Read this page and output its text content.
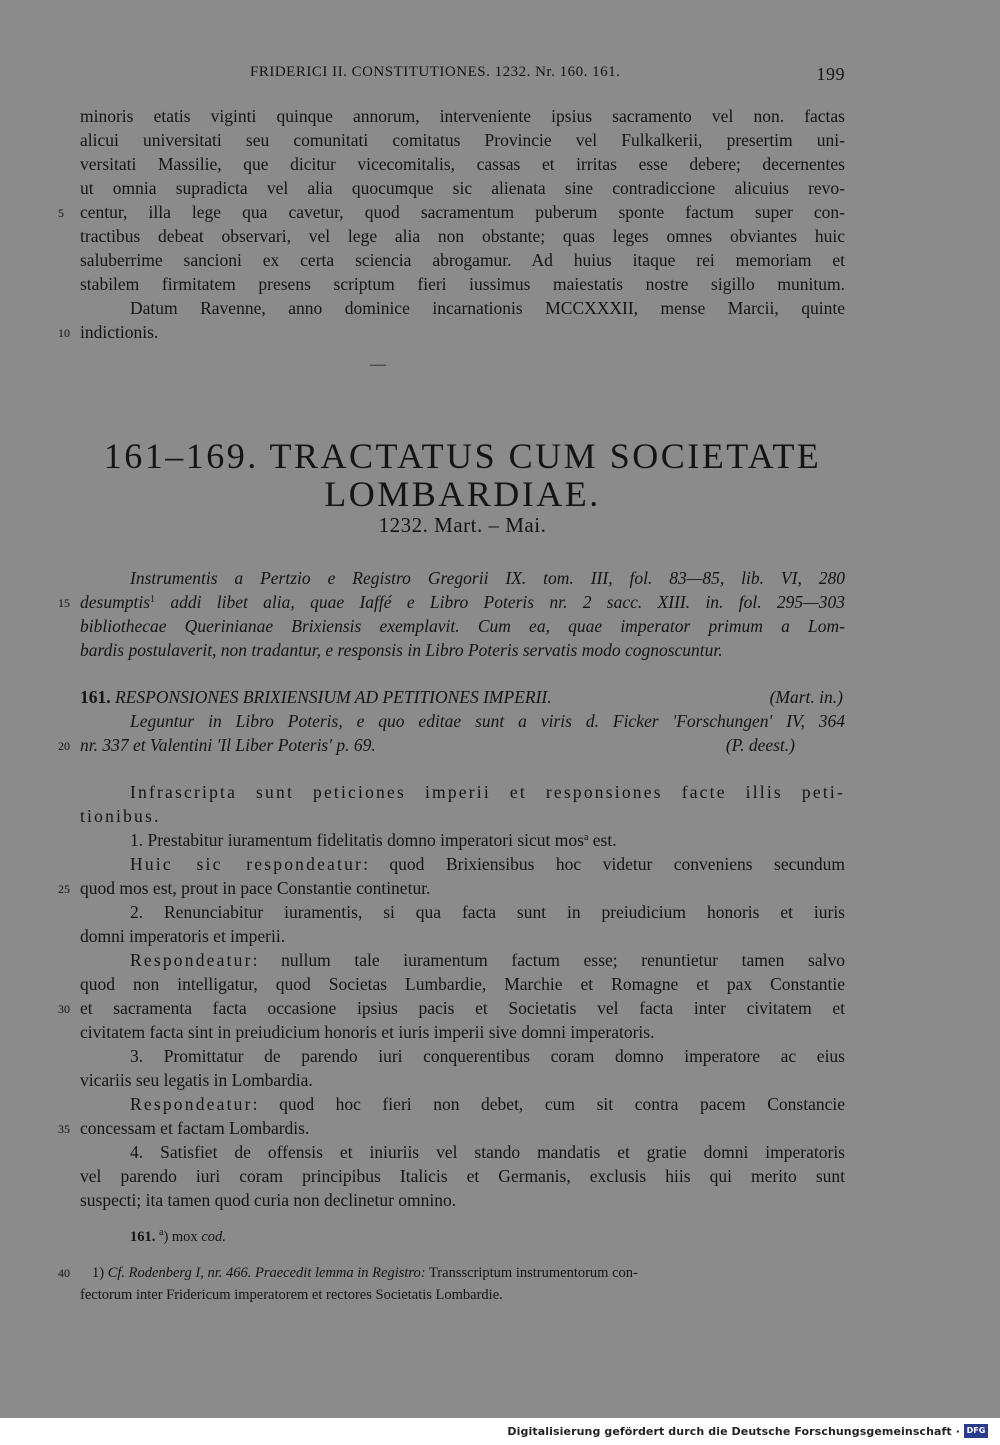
FRIDERICI II. CONSTITUTIONES. 1232. Nr. 160. 161.	199
minoris etatis viginti quinque annorum, interveniente ipsius sacramento vel non. factas
alicui universitati seu comunitati comitatus Provincie vel Fulkalkerii, presertim uni-
versitati Massilie, que dicitur vicecomitalis, cassas et irritas esse debere; decernentes
ut omnia supradicta vel alia quocumque sic alienata sine contradiccione alicuius revo-
5 centur, illa lege qua cavetur, quod sacramentum puberum sponte factum super con-
tractibus debeat observari, vel lege alia non obstante; quas leges omnes obviantes huic
saluberrime sancioni ex certa sciencia abrogamur. Ad huius itaque rei memoriam et
stabilem firmitatem presens scriptum fieri iussimus maiestatis nostre sigillo munitum.
Datum Ravenne, anno dominice incarnationis MCCXXXII, mense Marcii, quinte
10 indictionis.
—
161–169. TRACTATUS CUM SOCIETATE
LOMBARDIAE.
1232. Mart. – Mai.
Instrumentis a Pertzio e Registro Gregorii IX. tom. III, fol. 83—85, lib. VI, 280
15 desumptis$^1$ addi libet alia, quae Iaffé e Libro Poteris nr. 2 sacc. XIII. in. fol. 295—303
bibliothecae Querinianae Brixiensis exemplavit. Cum ea, quae imperator primum a Lom-
bardis postulaverit, non tradantur, e responsis in Libro Poteris servatis modo cognoscuntur.
161. RESPONSIONES BRIXIENSIUM AD PETITIONES IMPERII.	(Mart. in.)
Leguntur in Libro Poteris, e quo editae sunt a viris d. Ficker 'Forschungen' IV, 364
20 nr. 337 et Valentini 'Il Liber Poteris' p. 69.	(P. deest.)
Infrascripta sunt peticiones imperii et responsiones facte illis peti-
tionibus.
1. Prestabitur iuramentum fidelitatis domno imperatori sicut mos$^a$ est.
Huic sic respondeatur: quod Brixiensibus hoc videtur conveniens secundum
25 quod mos est, prout in pace Constantie continetur.
2. Renunciabitur iuramentis, si qua facta sunt in preiudicium honoris et iuris
domni imperatoris et imperii.
Respondeatur: nullum tale iuramentum factum esse; renuntietur tamen salvo
quod non intelligatur, quod Societas Lumbardie, Marchie et Romagne et pax Constantie
30 et sacramenta facta occasione ipsius pacis et Societatis vel facta inter civitatem et
civitatem facta sint in preiudicium honoris et iuris imperii sive domni imperatoris.
3. Promittatur de parendo iuri conquerentibus coram domno imperatore ac eius
vicariis seu legatis in Lombardia.
Respondeatur: quod hoc fieri non debet, cum sit contra pacem Constancie
35 concessam et factam Lombardis.
4. Satisfiet de offensis et iniuriis vel stando mandatis et gratie domni imperatoris
vel parendo iuri coram principibus Italicis et Germanis, exclusis hiis qui merito sunt
suspecti; ita tamen quod curia non declinetur omnino.
161. $^a$) mox cod.
40 1) Cf. Rodenberg I, nr. 466. Praecedit lemma in Registro: Transscriptum instrumentorum con-
fectorum inter Fridericum imperatorem et rectores Societatis Lombardie.
Digitalisierung gefördert durch die Deutsche Forschungsgemeinschaft · DFG
